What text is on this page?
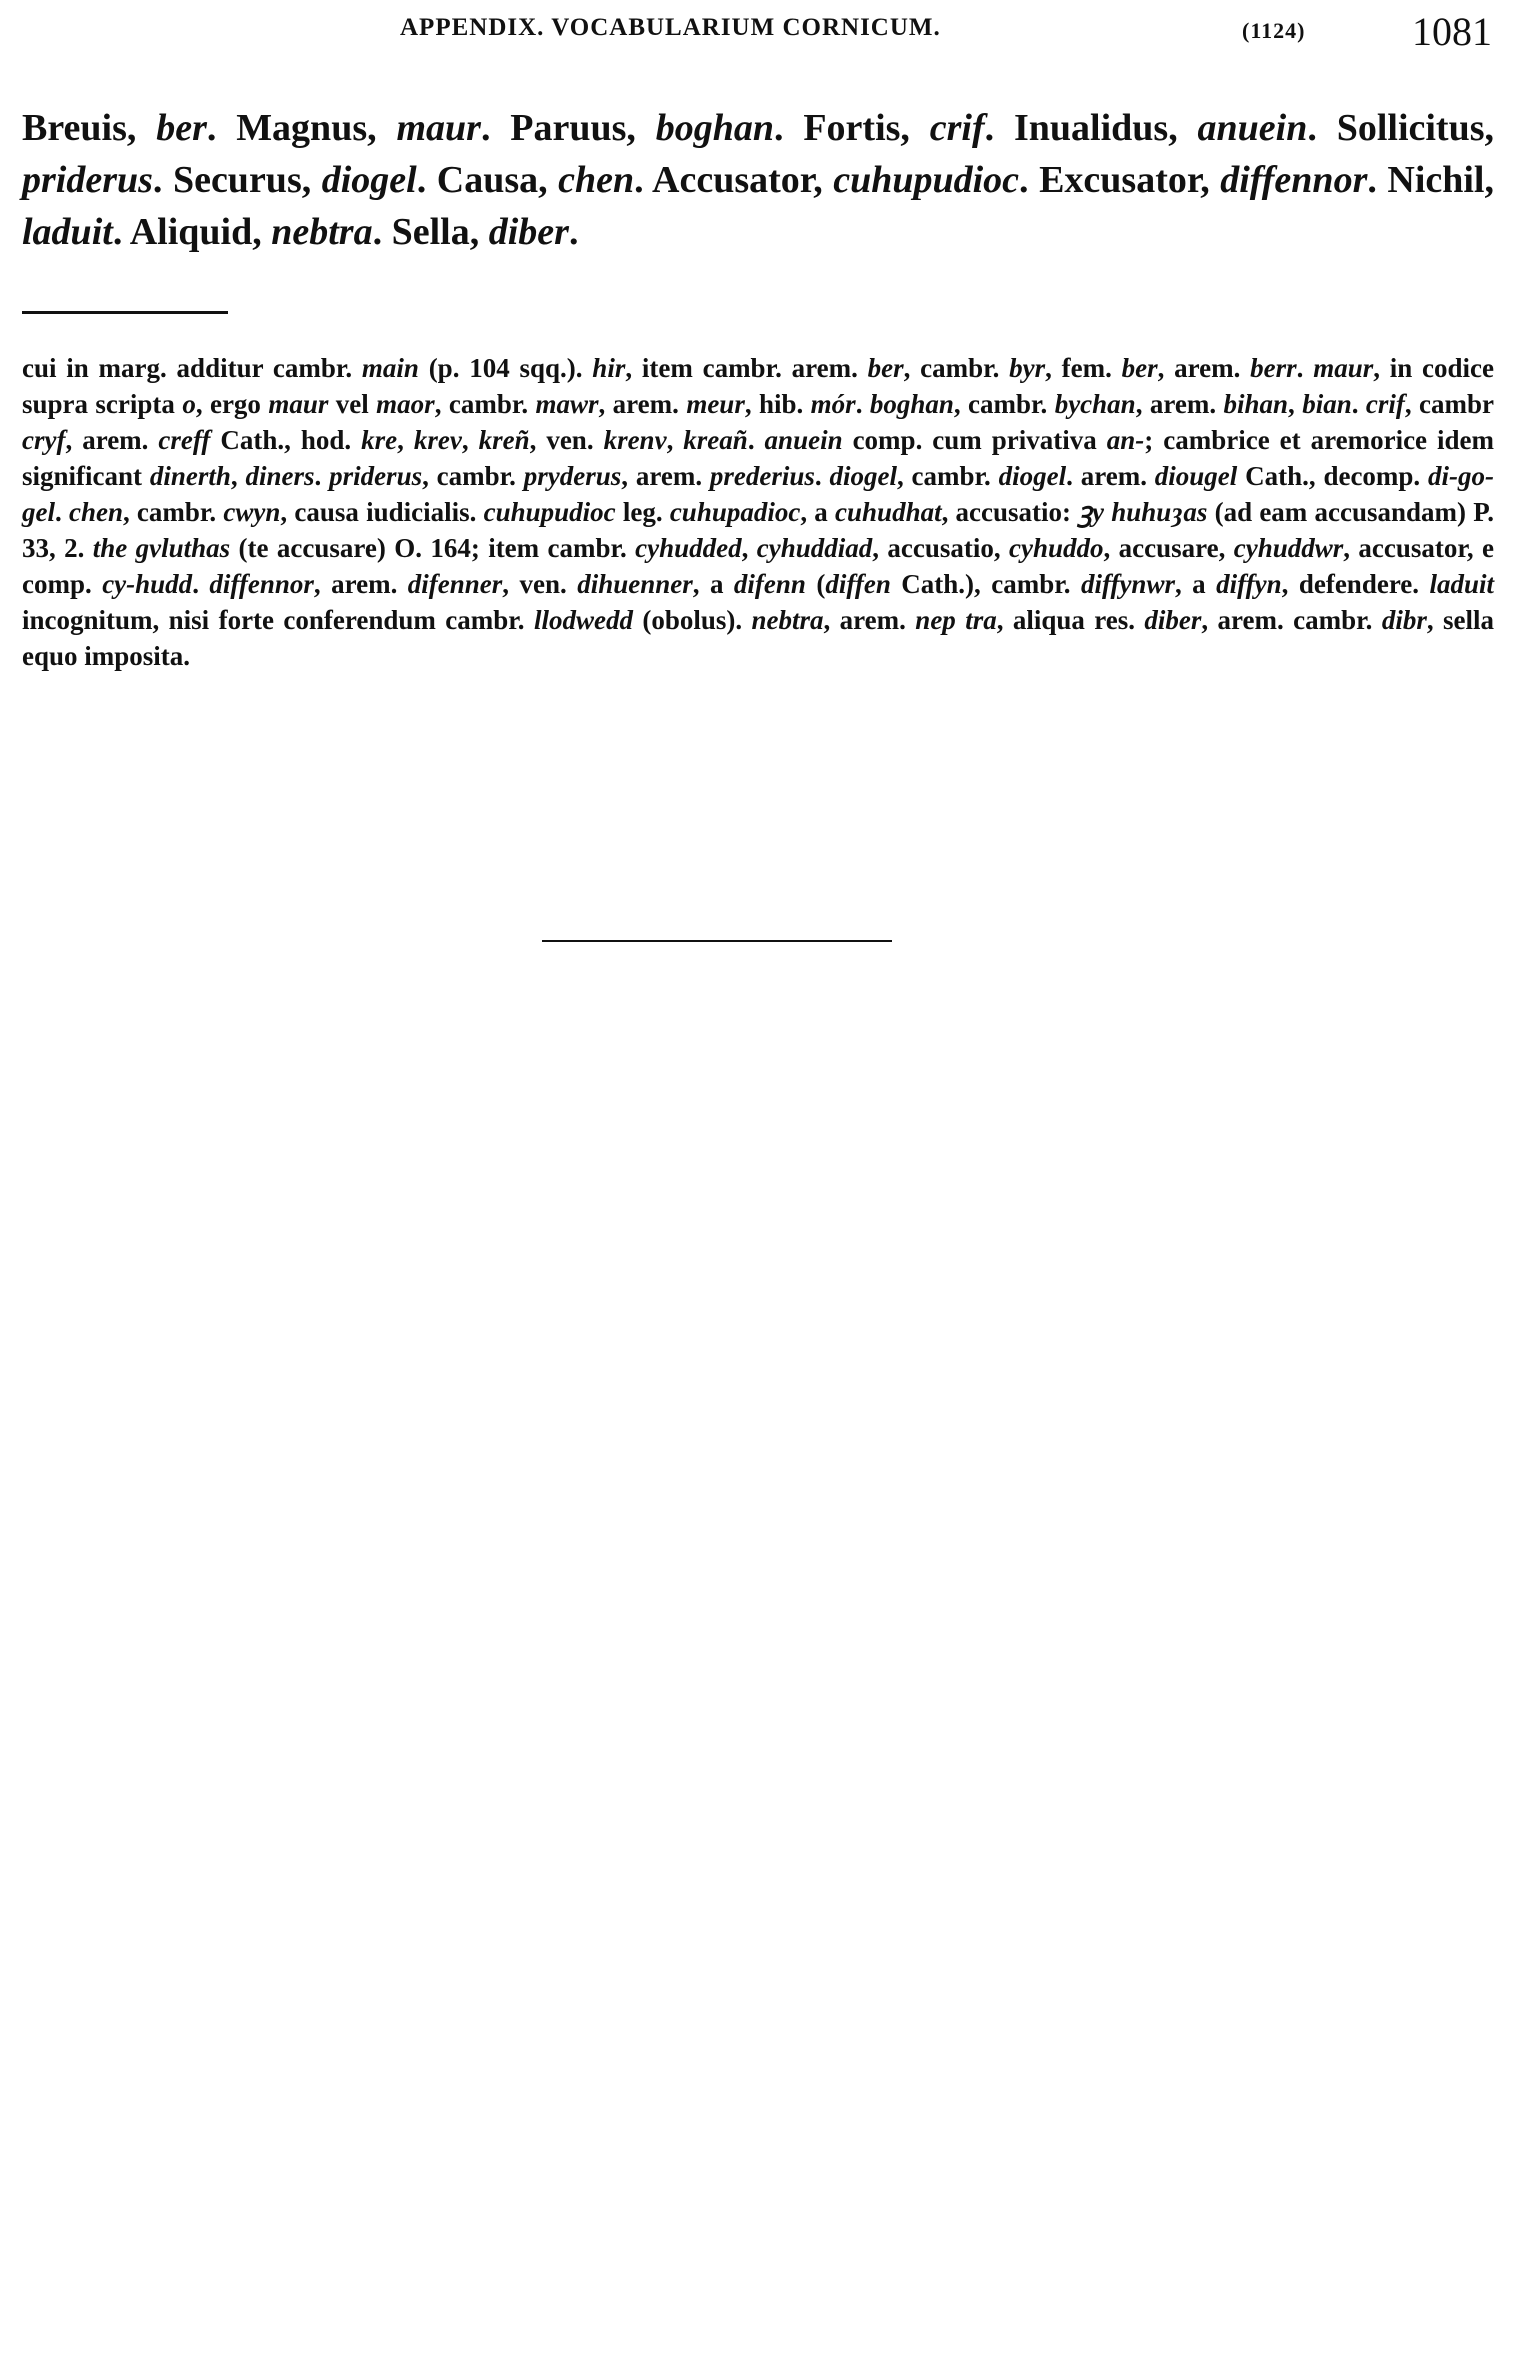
APPENDIX. VOCABULARIUM CORNICUM.	(1124)	1081
Breuis, ber. Magnus, maur. Paruus, boghan. Fortis, crif. Inualidus, anuein. Sollicitus, priderus. Securus, diogel. Causa, chen. Accusator, cuhupudioc. Excusator, diffennor. Nichil, laduit. Aliquid, nebtra. Sella, diber.
cui in marg. additur cambr. main (p. 104 sqq.). hir, item cambr. arem. ber, cambr. byr, fem. ber, arem. berr. maur, in codice supra scripta o, ergo maur vel maor, cambr. mawr, arem. meur, hib. mór. boghan, cambr. bychan, arem. bihan, bian. crif, cambr cryf, arem. creff Cath., hod. kre, krev, kreñ, ven. krenv, kreañ. anuein comp. cum privativa an-; cambrice et aremorice idem significant dinerth, diners. priderus, cambr. pryderus, arem. prederius. diogel, cambr. diogel. arem. diougel Cath., decomp. di-go-gel. chen, cambr. cwyn, causa iudicialis. cuhupudioc leg. cuhupadioc, a cuhudhat, accusatio: ꝫy huhuȝas (ad eam accusandam) P. 33, 2. the gvluthas (te accusare) O. 164; item cambr. cyhudded, cyhuddiad, accusatio, cyhuddo, accusare, cyhuddwr, accusator, e comp. cy-hudd. diffennor, arem. difenner, ven. dihuenner, a difenn (diffen Cath.), cambr. diffynwr, a diffyn, defendere. laduit incognitum, nisi forte conferendum cambr. llodwedd (obolus). nebtra, arem. nep tra, aliqua res. diber, arem. cambr. dibr, sella equo imposita.
